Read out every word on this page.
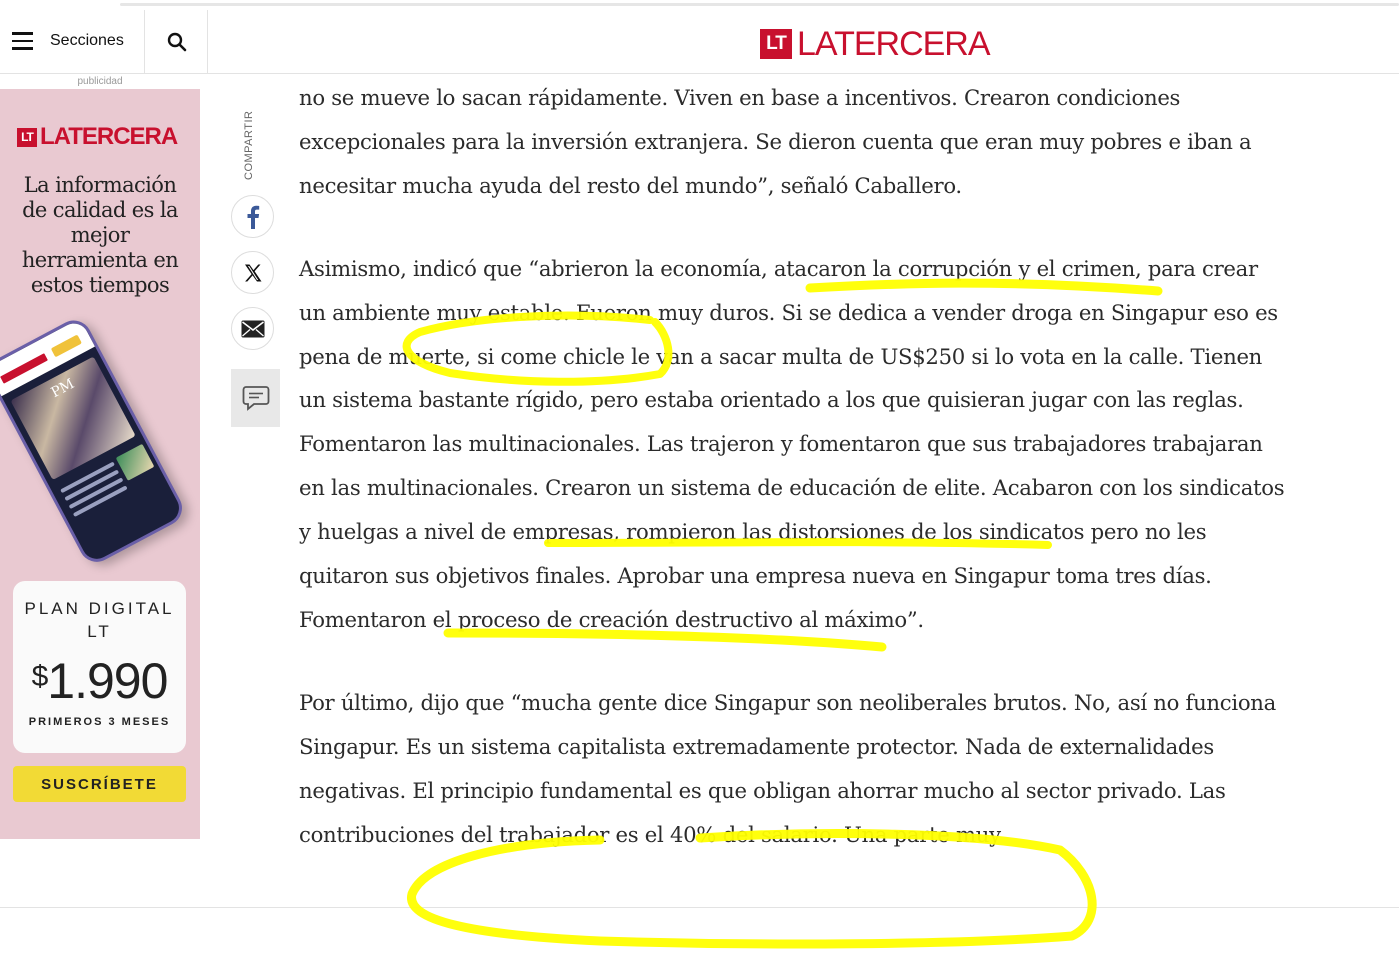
Secciones	LT LATERCERA
publicidad
LT LATERCERA
La información de calidad es la mejor herramienta en estos tiempos
PM
PLAN DIGITAL LT
$1.990
PRIMEROS 3 MESES
SUSCRÍBETE
COMPARTIR

no se mueve lo sacan rápidamente. Viven en base a incentivos. Crearon condiciones excepcionales para la inversión extranjera. Se dieron cuenta que eran muy pobres e iban a necesitar mucha ayuda del resto del mundo”, señaló Caballero.

Asimismo, indicó que “abrieron la economía, atacaron la corrupción y el crimen, para crear un ambiente muy estable. Fueron muy duros. Si se dedica a vender droga en Singapur eso es pena de muerte, si come chicle le van a sacar multa de US$250 si lo vota en la calle. Tienen un sistema bastante rígido, pero estaba orientado a los que quisieran jugar con las reglas. Fomentaron las multinacionales. Las trajeron y fomentaron que sus trabajadores trabajaran en las multinacionales. Crearon un sistema de educación de elite. Acabaron con los sindicatos y huelgas a nivel de empresas, rompieron las distorsiones de los sindicatos pero no les quitaron sus objetivos finales. Aprobar una empresa nueva en Singapur toma tres días. Fomentaron el proceso de creación destructivo al máximo”.

Por último, dijo que “mucha gente dice Singapur son neoliberales brutos. No, así no funciona Singapur. Es un sistema capitalista extremadamente protector. Nada de externalidades negativas. El principio fundamental es que obligan ahorrar mucho al sector privado. Las contribuciones del trabajador es el 40% del salario. Una parte muy
